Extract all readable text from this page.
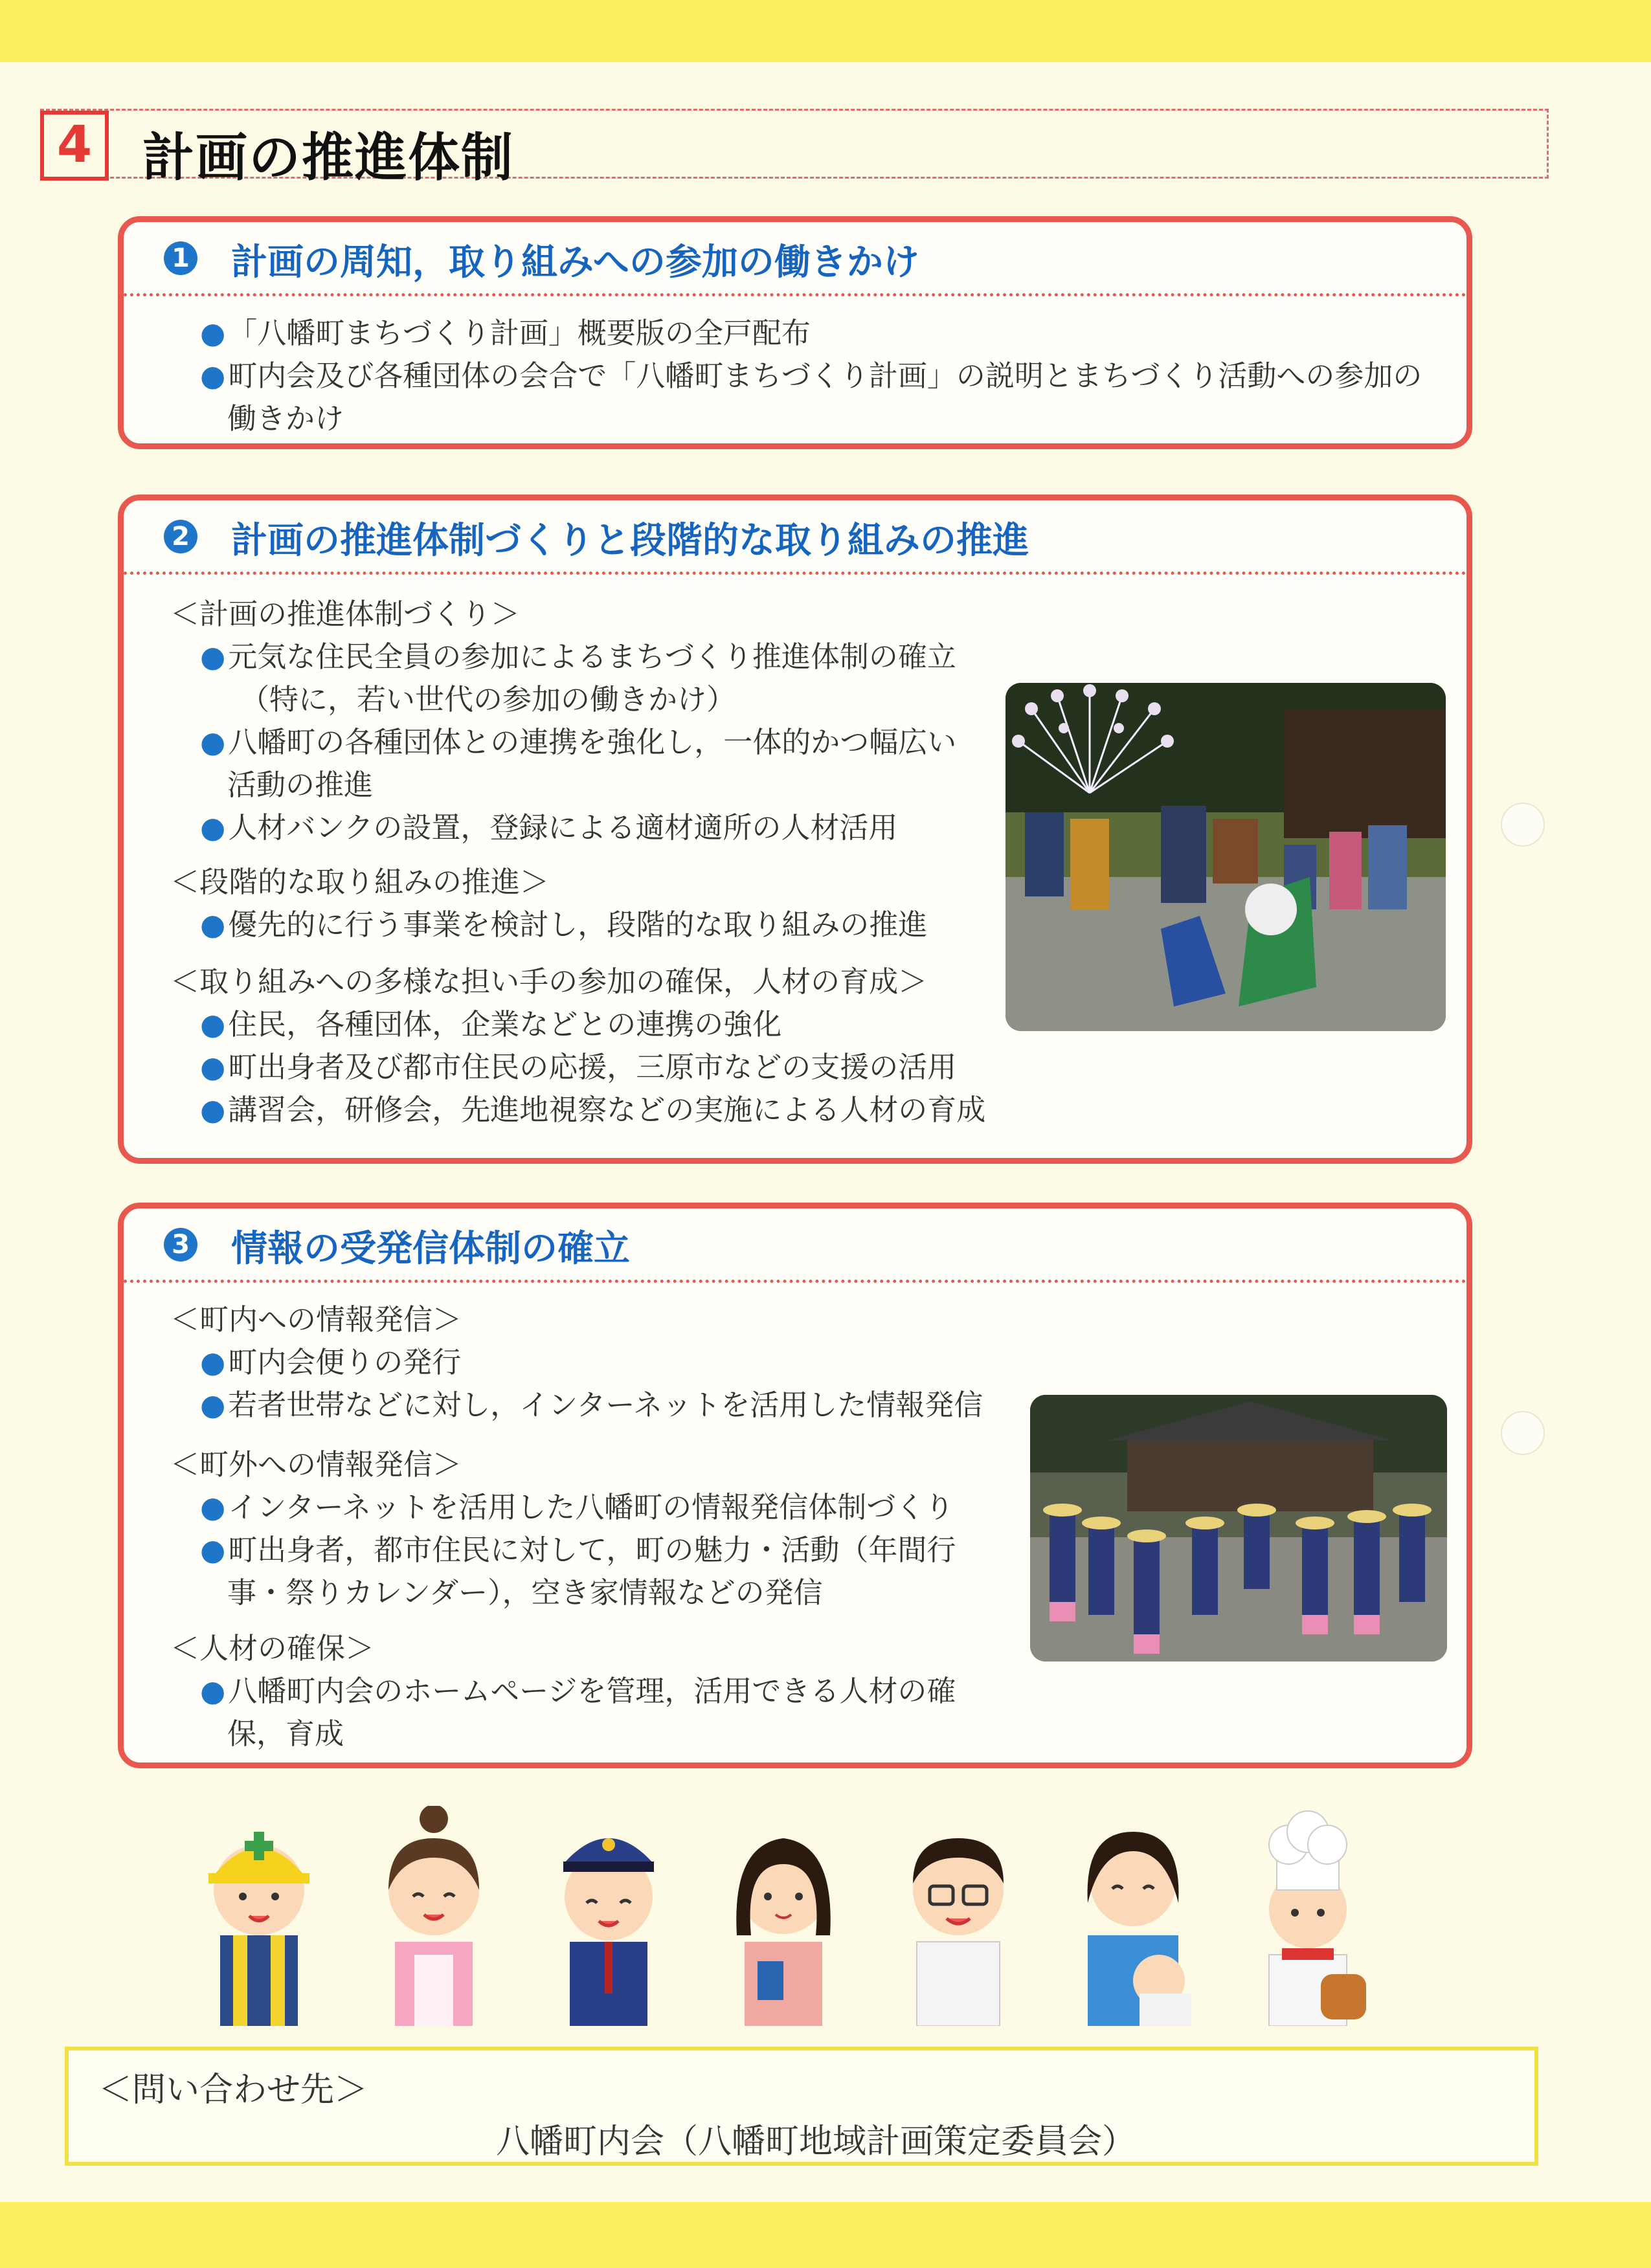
4 計画の推進体制
1 計画の周知，取り組みへの参加の働きかけ
● 「八幡町まちづくり計画」概要版の全戸配布
● 町内会及び各種団体の会合で「八幡町まちづくり計画」の説明とまちづくり活動への参加の
働きかけ
2 計画の推進体制づくりと段階的な取り組みの推進
＜計画の推進体制づくり＞
● 元気な住民全員の参加によるまちづくり推進体制の確立
（特に，若い世代の参加の働きかけ）
● 八幡町の各種団体との連携を強化し，一体的かつ幅広い
活動の推進
● 人材バンクの設置，登録による適材適所の人材活用
＜段階的な取り組みの推進＞
● 優先的に行う事業を検討し，段階的な取り組みの推進
＜取り組みへの多様な担い手の参加の確保，人材の育成＞
● 住民，各種団体，企業などとの連携の強化
● 町出身者及び都市住民の応援，三原市などの支援の活用
● 講習会，研修会，先進地視察などの実施による人材の育成
3 情報の受発信体制の確立
＜町内への情報発信＞
● 町内会便りの発行
● 若者世帯などに対し，インターネットを活用した情報発信
＜町外への情報発信＞
● インターネットを活用した八幡町の情報発信体制づくり
● 町出身者，都市住民に対して，町の魅力・活動（年間行
事・祭りカレンダー），空き家情報などの発信
＜人材の確保＞
● 八幡町内会のホームページを管理，活用できる人材の確
保，育成
＜問い合わせ先＞
八幡町内会（八幡町地域計画策定委員会）
